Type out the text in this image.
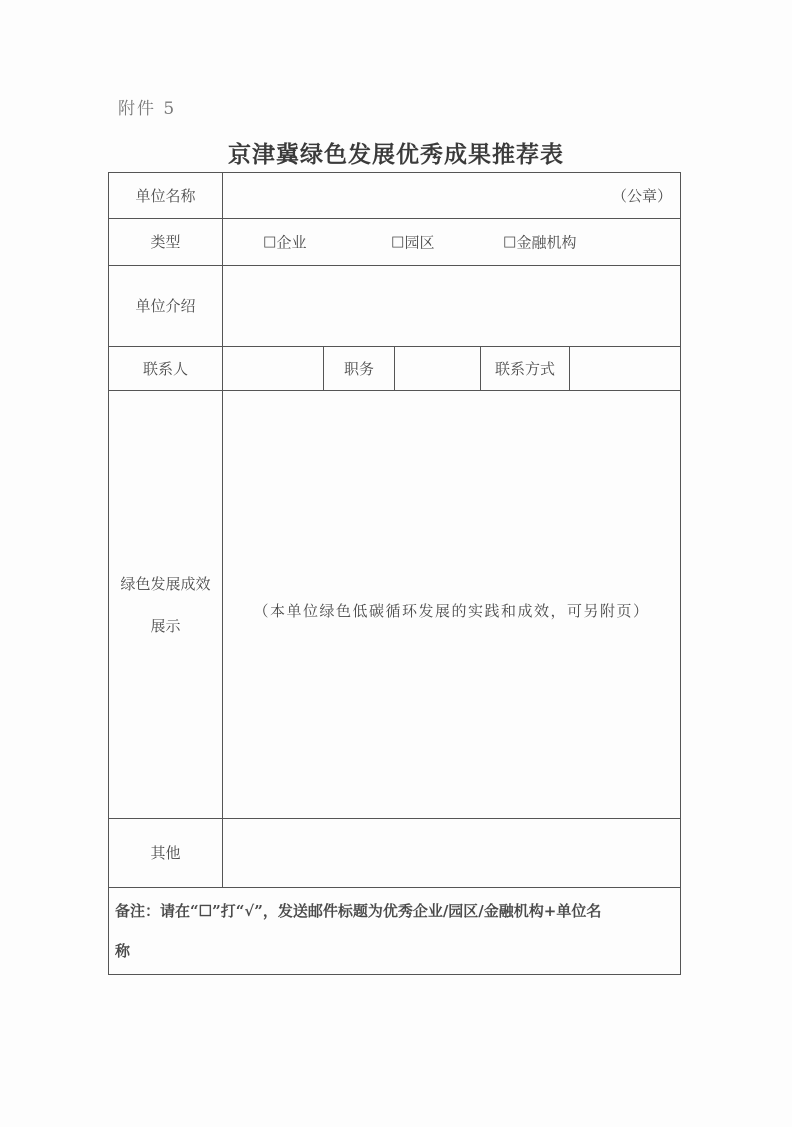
附件 5
京津冀绿色发展优秀成果推荐表
单位名称	（公章）				
类型	☐企业 ☐园区 ☐金融机构				

单位介绍					
联系人		职务		联系方式	

绿色发展成效
展示	（本单位绿色低碳循环发展的实践和成效，可另附页）				
其他					

备注：请在“☐”打“√”，发送邮件标题为优秀企业/园区/金融机构+单位名
称					
